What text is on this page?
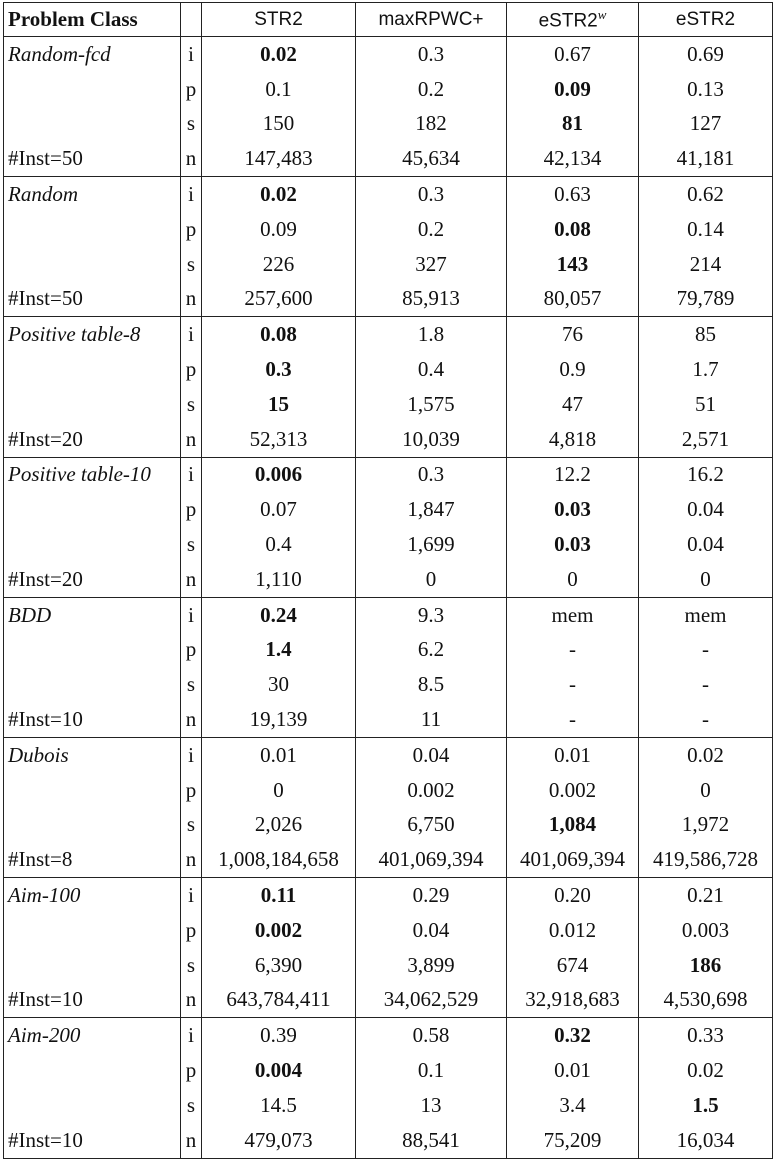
Problem Class		STR2	maxRPWC+	$eSTR2^w$	eSTR2
Random-fcd	i	0.02	0.3	0.67	0.69
	p	0.1	0.2	0.09	0.13
	s	150	182	81	127
#Inst=50	n	147,483	45,634	42,134	41,181
Random	i	0.02	0.3	0.63	0.62
	p	0.09	0.2	0.08	0.14
	s	226	327	143	214
#Inst=50	n	257,600	85,913	80,057	79,789
Positive table-8	i	0.08	1.8	76	85
	p	0.3	0.4	0.9	1.7
	s	15	1,575	47	51
#Inst=20	n	52,313	10,039	4,818	2,571
Positive table-10	i	0.006	0.3	12.2	16.2
	p	0.07	1,847	0.03	0.04
	s	0.4	1,699	0.03	0.04
#Inst=20	n	1,110	0	0	0
BDD	i	0.24	9.3	mem	mem
	p	1.4	6.2	-	-
	s	30	8.5	-	-
#Inst=10	n	19,139	11	-	-
Dubois	i	0.01	0.04	0.01	0.02
	p	0	0.002	0.002	0
	s	2,026	6,750	1,084	1,972
#Inst=8	n	1,008,184,658	401,069,394	401,069,394	419,586,728
Aim-100	i	0.11	0.29	0.20	0.21
	p	0.002	0.04	0.012	0.003
	s	6,390	3,899	674	186
#Inst=10	n	643,784,411	34,062,529	32,918,683	4,530,698
Aim-200	i	0.39	0.58	0.32	0.33
	p	0.004	0.1	0.01	0.02
	s	14.5	13	3.4	1.5
#Inst=10	n	479,073	88,541	75,209	16,034
